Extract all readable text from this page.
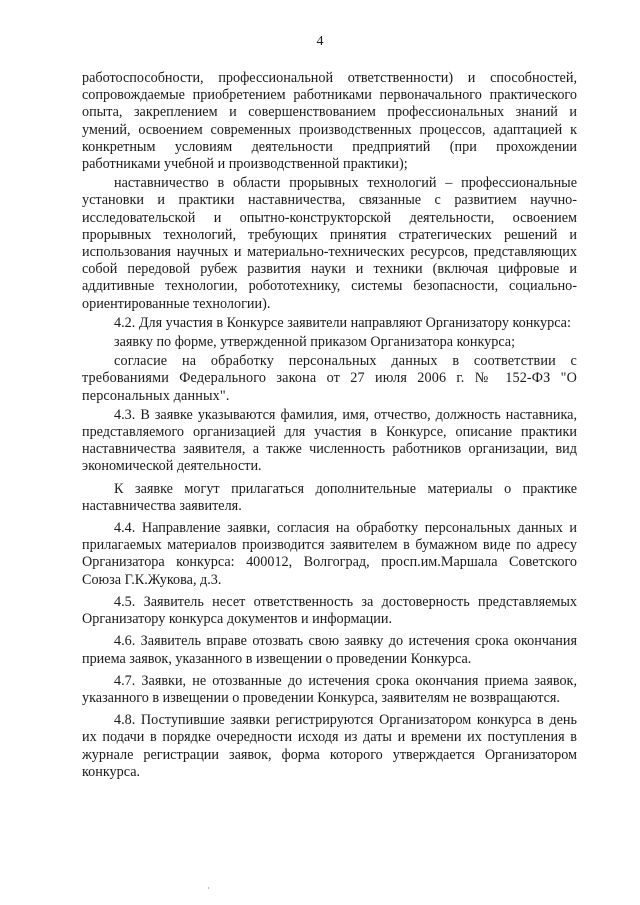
4

работоспособности, профессиональной ответственности) и способностей, сопровождаемые приобретением работниками первоначального практического опыта, закреплением и совершенствованием профессиональных знаний и умений, освоением современных производственных процессов, адаптацией к конкретным условиям деятельности предприятий (при прохождении работниками учебной и производственной практики);

наставничество в области прорывных технологий – профессиональные установки и практики наставничества, связанные с развитием научно-исследовательской и опытно-конструкторской деятельности, освоением прорывных технологий, требующих принятия стратегических решений и использования научных и материально-технических ресурсов, представляющих собой передовой рубеж развития науки и техники (включая цифровые и аддитивные технологии, робототехнику, системы безопасности, социально-ориентированные технологии).

4.2. Для участия в Конкурсе заявители направляют Организатору конкурса:

заявку по форме, утвержденной приказом Организатора конкурса;

согласие на обработку персональных данных в соответствии с требованиями Федерального закона от 27 июля 2006 г. № 152-ФЗ "О персональных данных".

4.3. В заявке указываются фамилия, имя, отчество, должность наставника, представляемого организацией для участия в Конкурсе, описание практики наставничества заявителя, а также численность работников организации, вид экономической деятельности.

К заявке могут прилагаться дополнительные материалы о практике наставничества заявителя.

4.4. Направление заявки, согласия на обработку персональных данных и прилагаемых материалов производится заявителем в бумажном виде по адресу Организатора конкурса: 400012, Волгоград, просп.им.Маршала Советского Союза Г.К.Жукова, д.3.

4.5. Заявитель несет ответственность за достоверность представляемых Организатору конкурса документов и информации.

4.6. Заявитель вправе отозвать свою заявку до истечения срока окончания приема заявок, указанного в извещении о проведении Конкурса.

4.7. Заявки, не отозванные до истечения срока окончания приема заявок, указанного в извещении о проведении Конкурса, заявителям не возвращаются.

4.8. Поступившие заявки регистрируются Организатором конкурса в день их подачи в порядке очередности исходя из даты и времени их поступления в журнале регистрации заявок, форма которого утверждается Организатором конкурса.
